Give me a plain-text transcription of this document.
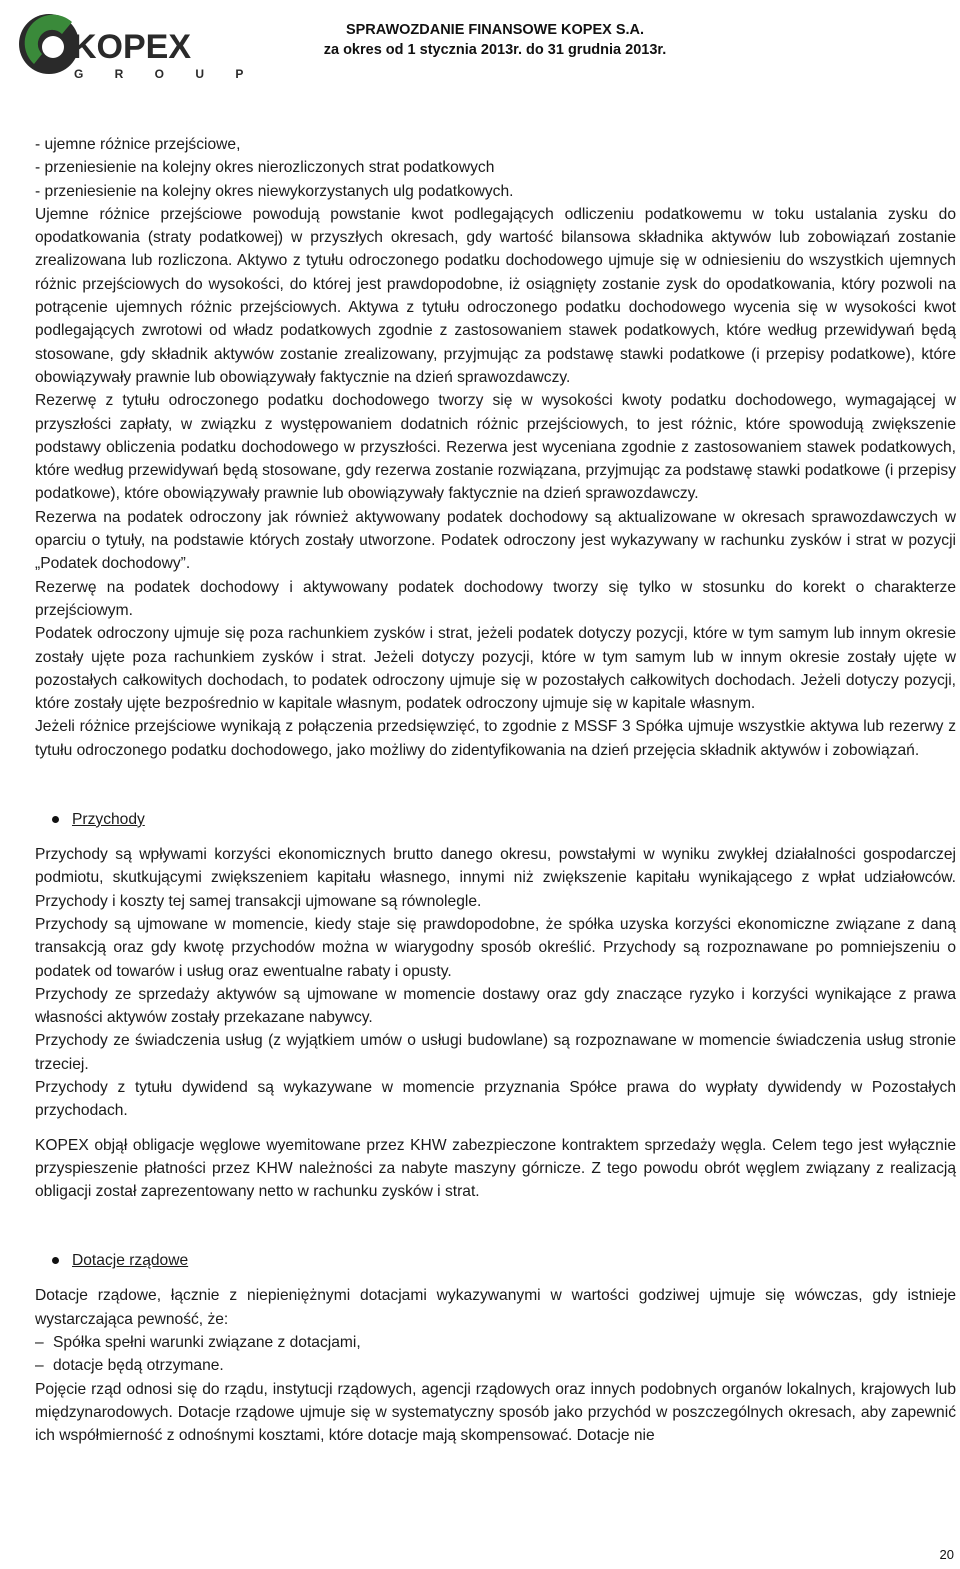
KOPEX
G R O U P
SPRAWOZDANIE FINANSOWE KOPEX S.A.
za okres od 1 stycznia 2013r. do 31 grudnia 2013r.

- ujemne różnice przejściowe,

- przeniesienie na kolejny okres nierozliczonych strat podatkowych

- przeniesienie na kolejny okres niewykorzystanych ulg podatkowych.

Ujemne różnice przejściowe powodują powstanie kwot podlegających odliczeniu podatkowemu w toku ustalania zysku do opodatkowania (straty podatkowej) w przyszłych okresach, gdy wartość bilansowa składnika aktywów lub zobowiązań zostanie zrealizowana lub rozliczona. Aktywo z tytułu odroczonego podatku dochodowego ujmuje się w odniesieniu do wszystkich ujemnych różnic przejściowych do wysokości, do której jest prawdopodobne, iż osiągnięty zostanie zysk do opodatkowania, który pozwoli na potrącenie ujemnych różnic przejściowych. Aktywa z tytułu odroczonego podatku dochodowego wycenia się w wysokości kwot podlegających zwrotowi od władz podatkowych zgodnie z zastosowaniem stawek podatkowych, które według przewidywań będą stosowane, gdy składnik aktywów zostanie zrealizowany, przyjmując za podstawę stawki podatkowe (i przepisy podatkowe), które obowiązywały prawnie lub obowiązywały faktycznie na dzień sprawozdawczy.

Rezerwę z tytułu odroczonego podatku dochodowego tworzy się w wysokości kwoty podatku dochodowego, wymagającej w przyszłości zapłaty, w związku z występowaniem dodatnich różnic przejściowych, to jest różnic, które spowodują zwiększenie podstawy obliczenia podatku dochodowego w przyszłości. Rezerwa jest wyceniana zgodnie z zastosowaniem stawek podatkowych, które według przewidywań będą stosowane, gdy rezerwa zostanie rozwiązana, przyjmując za podstawę stawki podatkowe (i przepisy podatkowe), które obowiązywały prawnie lub obowiązywały faktycznie na dzień sprawozdawczy.

Rezerwa na podatek odroczony jak również aktywowany podatek dochodowy są aktualizowane w okresach sprawozdawczych w oparciu o tytuły, na podstawie których zostały utworzone. Podatek odroczony jest wykazywany w rachunku zysków i strat w pozycji „Podatek dochodowy”.

Rezerwę na podatek dochodowy i aktywowany podatek dochodowy tworzy się tylko w stosunku do korekt o charakterze przejściowym.

Podatek odroczony ujmuje się poza rachunkiem zysków i strat, jeżeli podatek dotyczy pozycji, które w tym samym lub innym okresie zostały ujęte poza rachunkiem zysków i strat. Jeżeli dotyczy pozycji, które w tym samym lub w innym okresie zostały ujęte w pozostałych całkowitych dochodach, to podatek odroczony ujmuje się w pozostałych całkowitych dochodach. Jeżeli dotyczy pozycji, które zostały ujęte bezpośrednio w kapitale własnym, podatek odroczony ujmuje się w kapitale własnym.

Jeżeli różnice przejściowe wynikają z połączenia przedsięwzięć, to zgodnie z MSSF 3 Spółka ujmuje wszystkie aktywa lub rezerwy z tytułu odroczonego podatku dochodowego, jako możliwy do zidentyfikowania na dzień przejęcia składnik aktywów i zobowiązań.

Przychody

Przychody są wpływami korzyści ekonomicznych brutto danego okresu, powstałymi w wyniku zwykłej działalności gospodarczej podmiotu, skutkującymi zwiększeniem kapitału własnego, innymi niż zwiększenie kapitału wynikającego z wpłat udziałowców. Przychody i koszty tej samej transakcji ujmowane są równolegle.

Przychody są ujmowane w momencie, kiedy staje się prawdopodobne, że spółka uzyska korzyści ekonomiczne związane z daną transakcją oraz gdy kwotę przychodów można w wiarygodny sposób określić. Przychody są rozpoznawane po pomniejszeniu o podatek od towarów i usług oraz ewentualne rabaty i opusty.

Przychody ze sprzedaży aktywów są ujmowane w momencie dostawy oraz gdy znaczące ryzyko i korzyści wynikające z prawa własności aktywów zostały przekazane nabywcy.

Przychody ze świadczenia usług (z wyjątkiem umów o usługi budowlane) są rozpoznawane w momencie świadczenia usług stronie trzeciej.

Przychody z tytułu dywidend są wykazywane w momencie przyznania Spółce prawa do wypłaty dywidendy w Pozostałych przychodach.

KOPEX objął obligacje węglowe wyemitowane przez KHW zabezpieczone kontraktem sprzedaży węgla. Celem tego jest wyłącznie przyspieszenie płatności przez KHW należności za nabyte maszyny górnicze. Z tego powodu obrót węglem związany z realizacją obligacji został zaprezentowany netto w rachunku zysków i strat.

Dotacje rządowe

Dotacje rządowe, łącznie z niepieniężnymi dotacjami wykazywanymi w wartości godziwej ujmuje się wówczas, gdy istnieje wystarczająca pewność, że:

– Spółka spełni warunki związane z dotacjami,
– dotacje będą otrzymane.

Pojęcie rząd odnosi się do rządu, instytucji rządowych, agencji rządowych oraz innych podobnych organów lokalnych, krajowych lub międzynarodowych. Dotacje rządowe ujmuje się w systematyczny sposób jako przychód w poszczególnych okresach, aby zapewnić ich współmierność z odnośnymi kosztami, które dotacje mają skompensować. Dotacje nie

20
